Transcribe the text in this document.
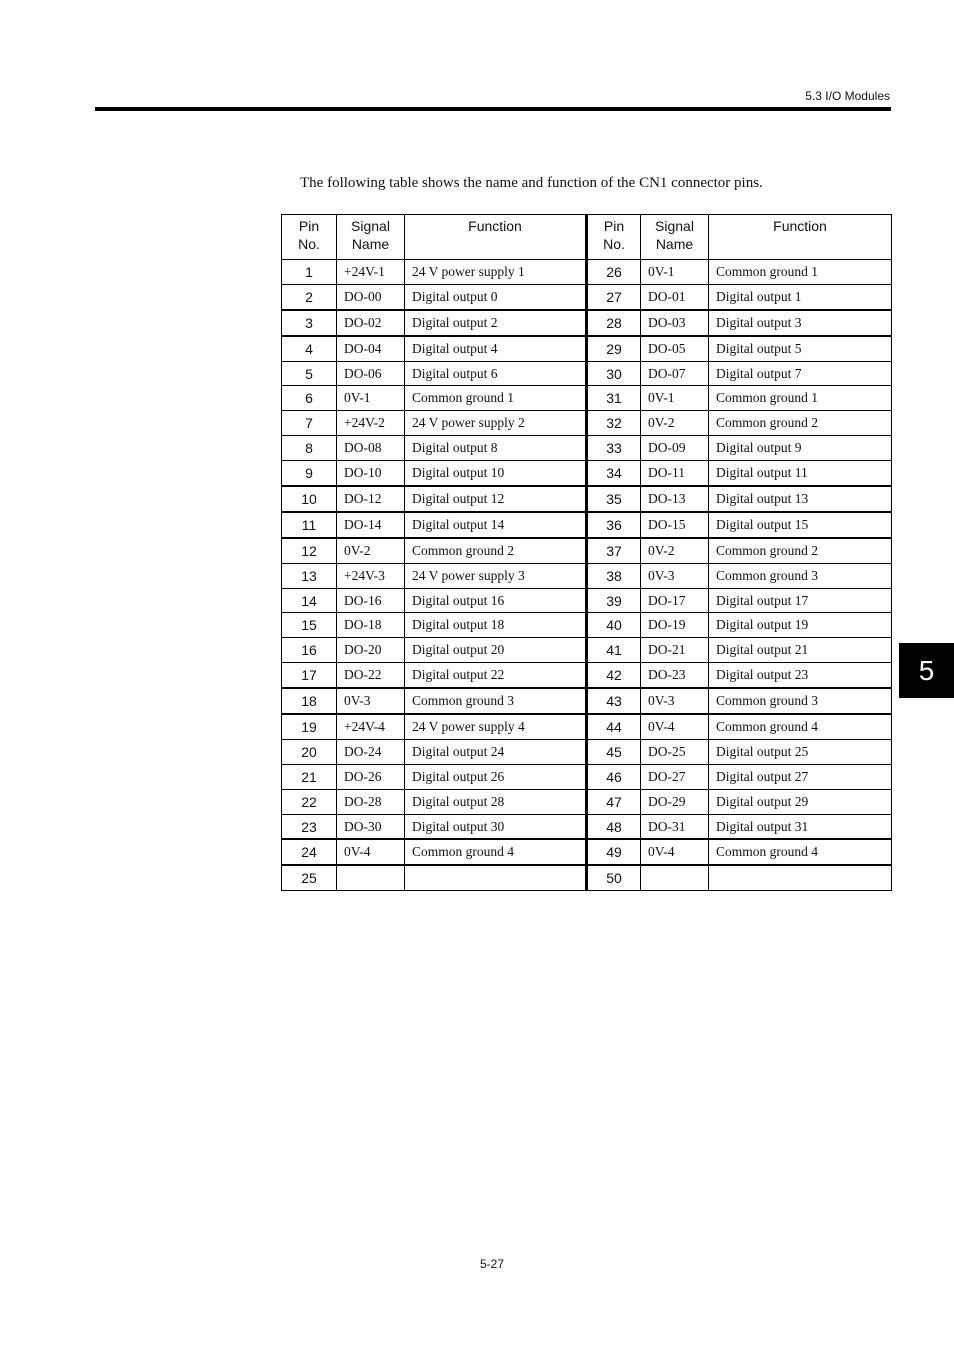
5.3 I/O Modules
The following table shows the name and function of the CN1 connector pins.
Pin
No.	Signal
Name	Function	Pin
No.	Signal
Name	Function
1	+24V-1	24 V power supply 1	26	0V-1	Common ground 1
2	DO-00	Digital output 0	27	DO-01	Digital output 1
3	DO-02	Digital output 2	28	DO-03	Digital output 3
4	DO-04	Digital output 4	29	DO-05	Digital output 5
5	DO-06	Digital output 6	30	DO-07	Digital output 7
6	0V-1	Common ground 1	31	0V-1	Common ground 1
7	+24V-2	24 V power supply 2	32	0V-2	Common ground 2
8	DO-08	Digital output 8	33	DO-09	Digital output 9
9	DO-10	Digital output 10	34	DO-11	Digital output 11
10	DO-12	Digital output 12	35	DO-13	Digital output 13
11	DO-14	Digital output 14	36	DO-15	Digital output 15
12	0V-2	Common ground 2	37	0V-2	Common ground 2
13	+24V-3	24 V power supply 3	38	0V-3	Common ground 3
14	DO-16	Digital output 16	39	DO-17	Digital output 17
15	DO-18	Digital output 18	40	DO-19	Digital output 19
16	DO-20	Digital output 20	41	DO-21	Digital output 21
17	DO-22	Digital output 22	42	DO-23	Digital output 23
18	0V-3	Common ground 3	43	0V-3	Common ground 3
19	+24V-4	24 V power supply 4	44	0V-4	Common ground 4
20	DO-24	Digital output 24	45	DO-25	Digital output 25
21	DO-26	Digital output 26	46	DO-27	Digital output 27
22	DO-28	Digital output 28	47	DO-29	Digital output 29
23	DO-30	Digital output 30	48	DO-31	Digital output 31
24	0V-4	Common ground 4	49	0V-4	Common ground 4
25			50		
5
5-27
